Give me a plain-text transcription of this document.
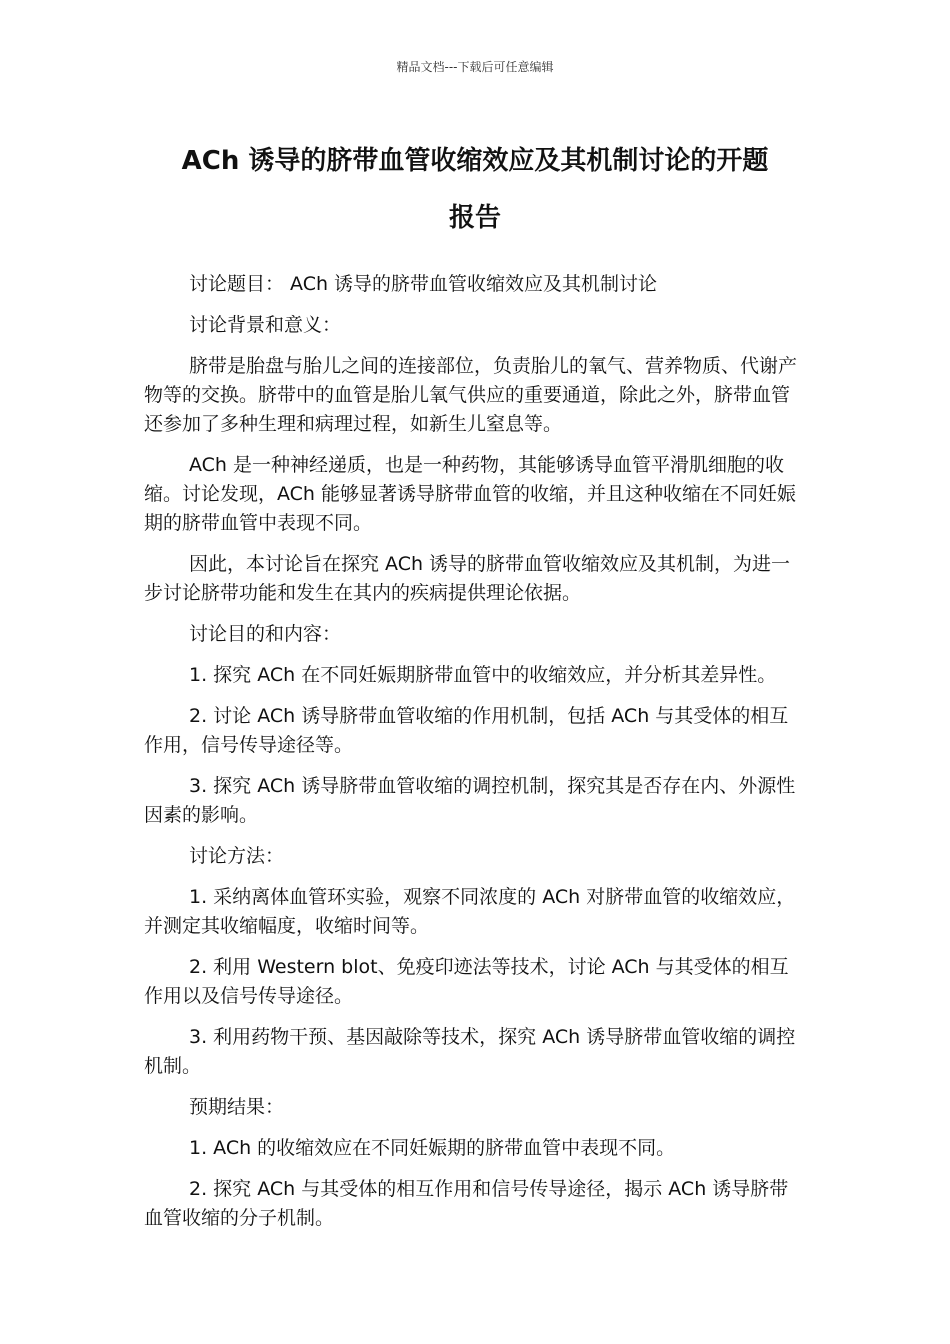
精品文档---下载后可任意编辑
ACh 诱导的脐带血管收缩效应及其机制讨论的开题
报告

讨论题目： ACh 诱导的脐带血管收缩效应及其机制讨论

讨论背景和意义：

脐带是胎盘与胎儿之间的连接部位，负责胎儿的氧气、营养物质、代谢产物等的交换。脐带中的血管是胎儿氧气供应的重要通道，除此之外，脐带血管还参加了多种生理和病理过程，如新生儿窒息等。

ACh 是一种神经递质，也是一种药物，其能够诱导血管平滑肌细胞的收缩。讨论发现，ACh 能够显著诱导脐带血管的收缩，并且这种收缩在不同妊娠期的脐带血管中表现不同。

因此，本讨论旨在探究 ACh 诱导的脐带血管收缩效应及其机制，为进一步讨论脐带功能和发生在其内的疾病提供理论依据。

讨论目的和内容：

1. 探究 ACh 在不同妊娠期脐带血管中的收缩效应，并分析其差异性。

2. 讨论 ACh 诱导脐带血管收缩的作用机制，包括 ACh 与其受体的相互作用，信号传导途径等。

3. 探究 ACh 诱导脐带血管收缩的调控机制，探究其是否存在内、外源性因素的影响。

讨论方法：

1. 采纳离体血管环实验，观察不同浓度的 ACh 对脐带血管的收缩效应，并测定其收缩幅度，收缩时间等。

2. 利用 Western blot、免疫印迹法等技术，讨论 ACh 与其受体的相互作用以及信号传导途径。

3. 利用药物干预、基因敲除等技术，探究 ACh 诱导脐带血管收缩的调控机制。

预期结果：

1. ACh 的收缩效应在不同妊娠期的脐带血管中表现不同。

2. 探究 ACh 与其受体的相互作用和信号传导途径，揭示 ACh 诱导脐带血管收缩的分子机制。
